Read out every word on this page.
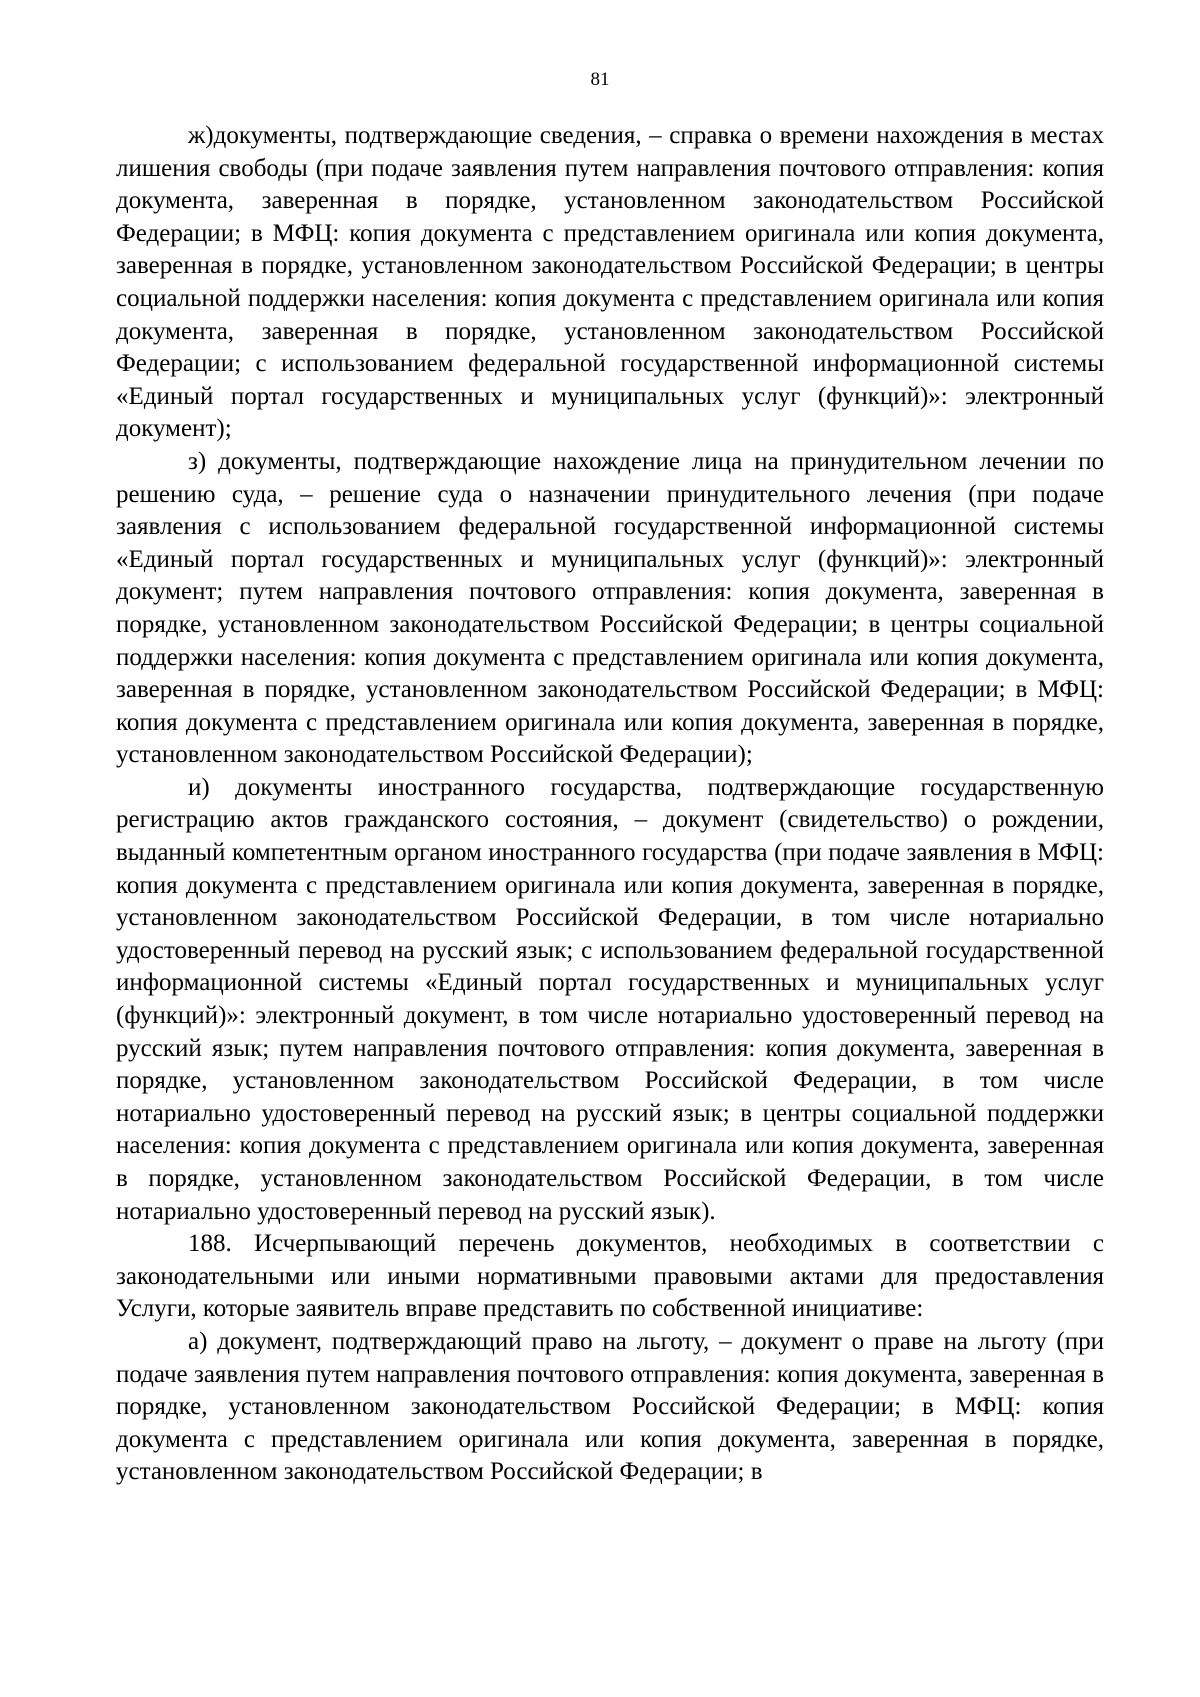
81

ж)документы, подтверждающие сведения, – справка о времени нахождения в местах лишения свободы (при подаче заявления путем направления почтового отправления: копия документа, заверенная в порядке, установленном законодательством Российской Федерации; в МФЦ: копия документа с представлением оригинала или копия документа, заверенная в порядке, установленном законодательством Российской Федерации; в центры социальной поддержки населения: копия документа с представлением оригинала или копия документа, заверенная в порядке, установленном законодательством Российской Федерации; с использованием федеральной государственной информационной системы «Единый портал государственных и муниципальных услуг (функций)»: электронный документ);

з) документы, подтверждающие нахождение лица на принудительном лечении по решению суда, – решение суда о назначении принудительного лечения (при подаче заявления с использованием федеральной государственной информационной системы «Единый портал государственных и муниципальных услуг (функций)»: электронный документ; путем направления почтового отправления: копия документа, заверенная в порядке, установленном законодательством Российской Федерации; в центры социальной поддержки населения: копия документа с представлением оригинала или копия документа, заверенная в порядке, установленном законодательством Российской Федерации; в МФЦ: копия документа с представлением оригинала или копия документа, заверенная в порядке, установленном законодательством Российской Федерации);

и) документы иностранного государства, подтверждающие государственную регистрацию актов гражданского состояния, – документ (свидетельство) о рождении, выданный компетентным органом иностранного государства (при подаче заявления в МФЦ: копия документа с представлением оригинала или копия документа, заверенная в порядке, установленном законодательством Российской Федерации, в том числе нотариально удостоверенный перевод на русский язык; с использованием федеральной государственной информационной системы «Единый портал государственных и муниципальных услуг (функций)»: электронный документ, в том числе нотариально удостоверенный перевод на русский язык; путем направления почтового отправления: копия документа, заверенная в порядке, установленном законодательством Российской Федерации, в том числе нотариально удостоверенный перевод на русский язык; в центры социальной поддержки населения: копия документа с представлением оригинала или копия документа, заверенная в порядке, установленном законодательством Российской Федерации, в том числе нотариально удостоверенный перевод на русский язык).

188. Исчерпывающий перечень документов, необходимых в соответствии с законодательными или иными нормативными правовыми актами для предоставления Услуги, которые заявитель вправе представить по собственной инициативе:

а) документ, подтверждающий право на льготу, – документ о праве на льготу (при подаче заявления путем направления почтового отправления: копия документа, заверенная в порядке, установленном законодательством Российской Федерации; в МФЦ: копия документа с представлением оригинала или копия документа, заверенная в порядке, установленном законодательством Российской Федерации; в
